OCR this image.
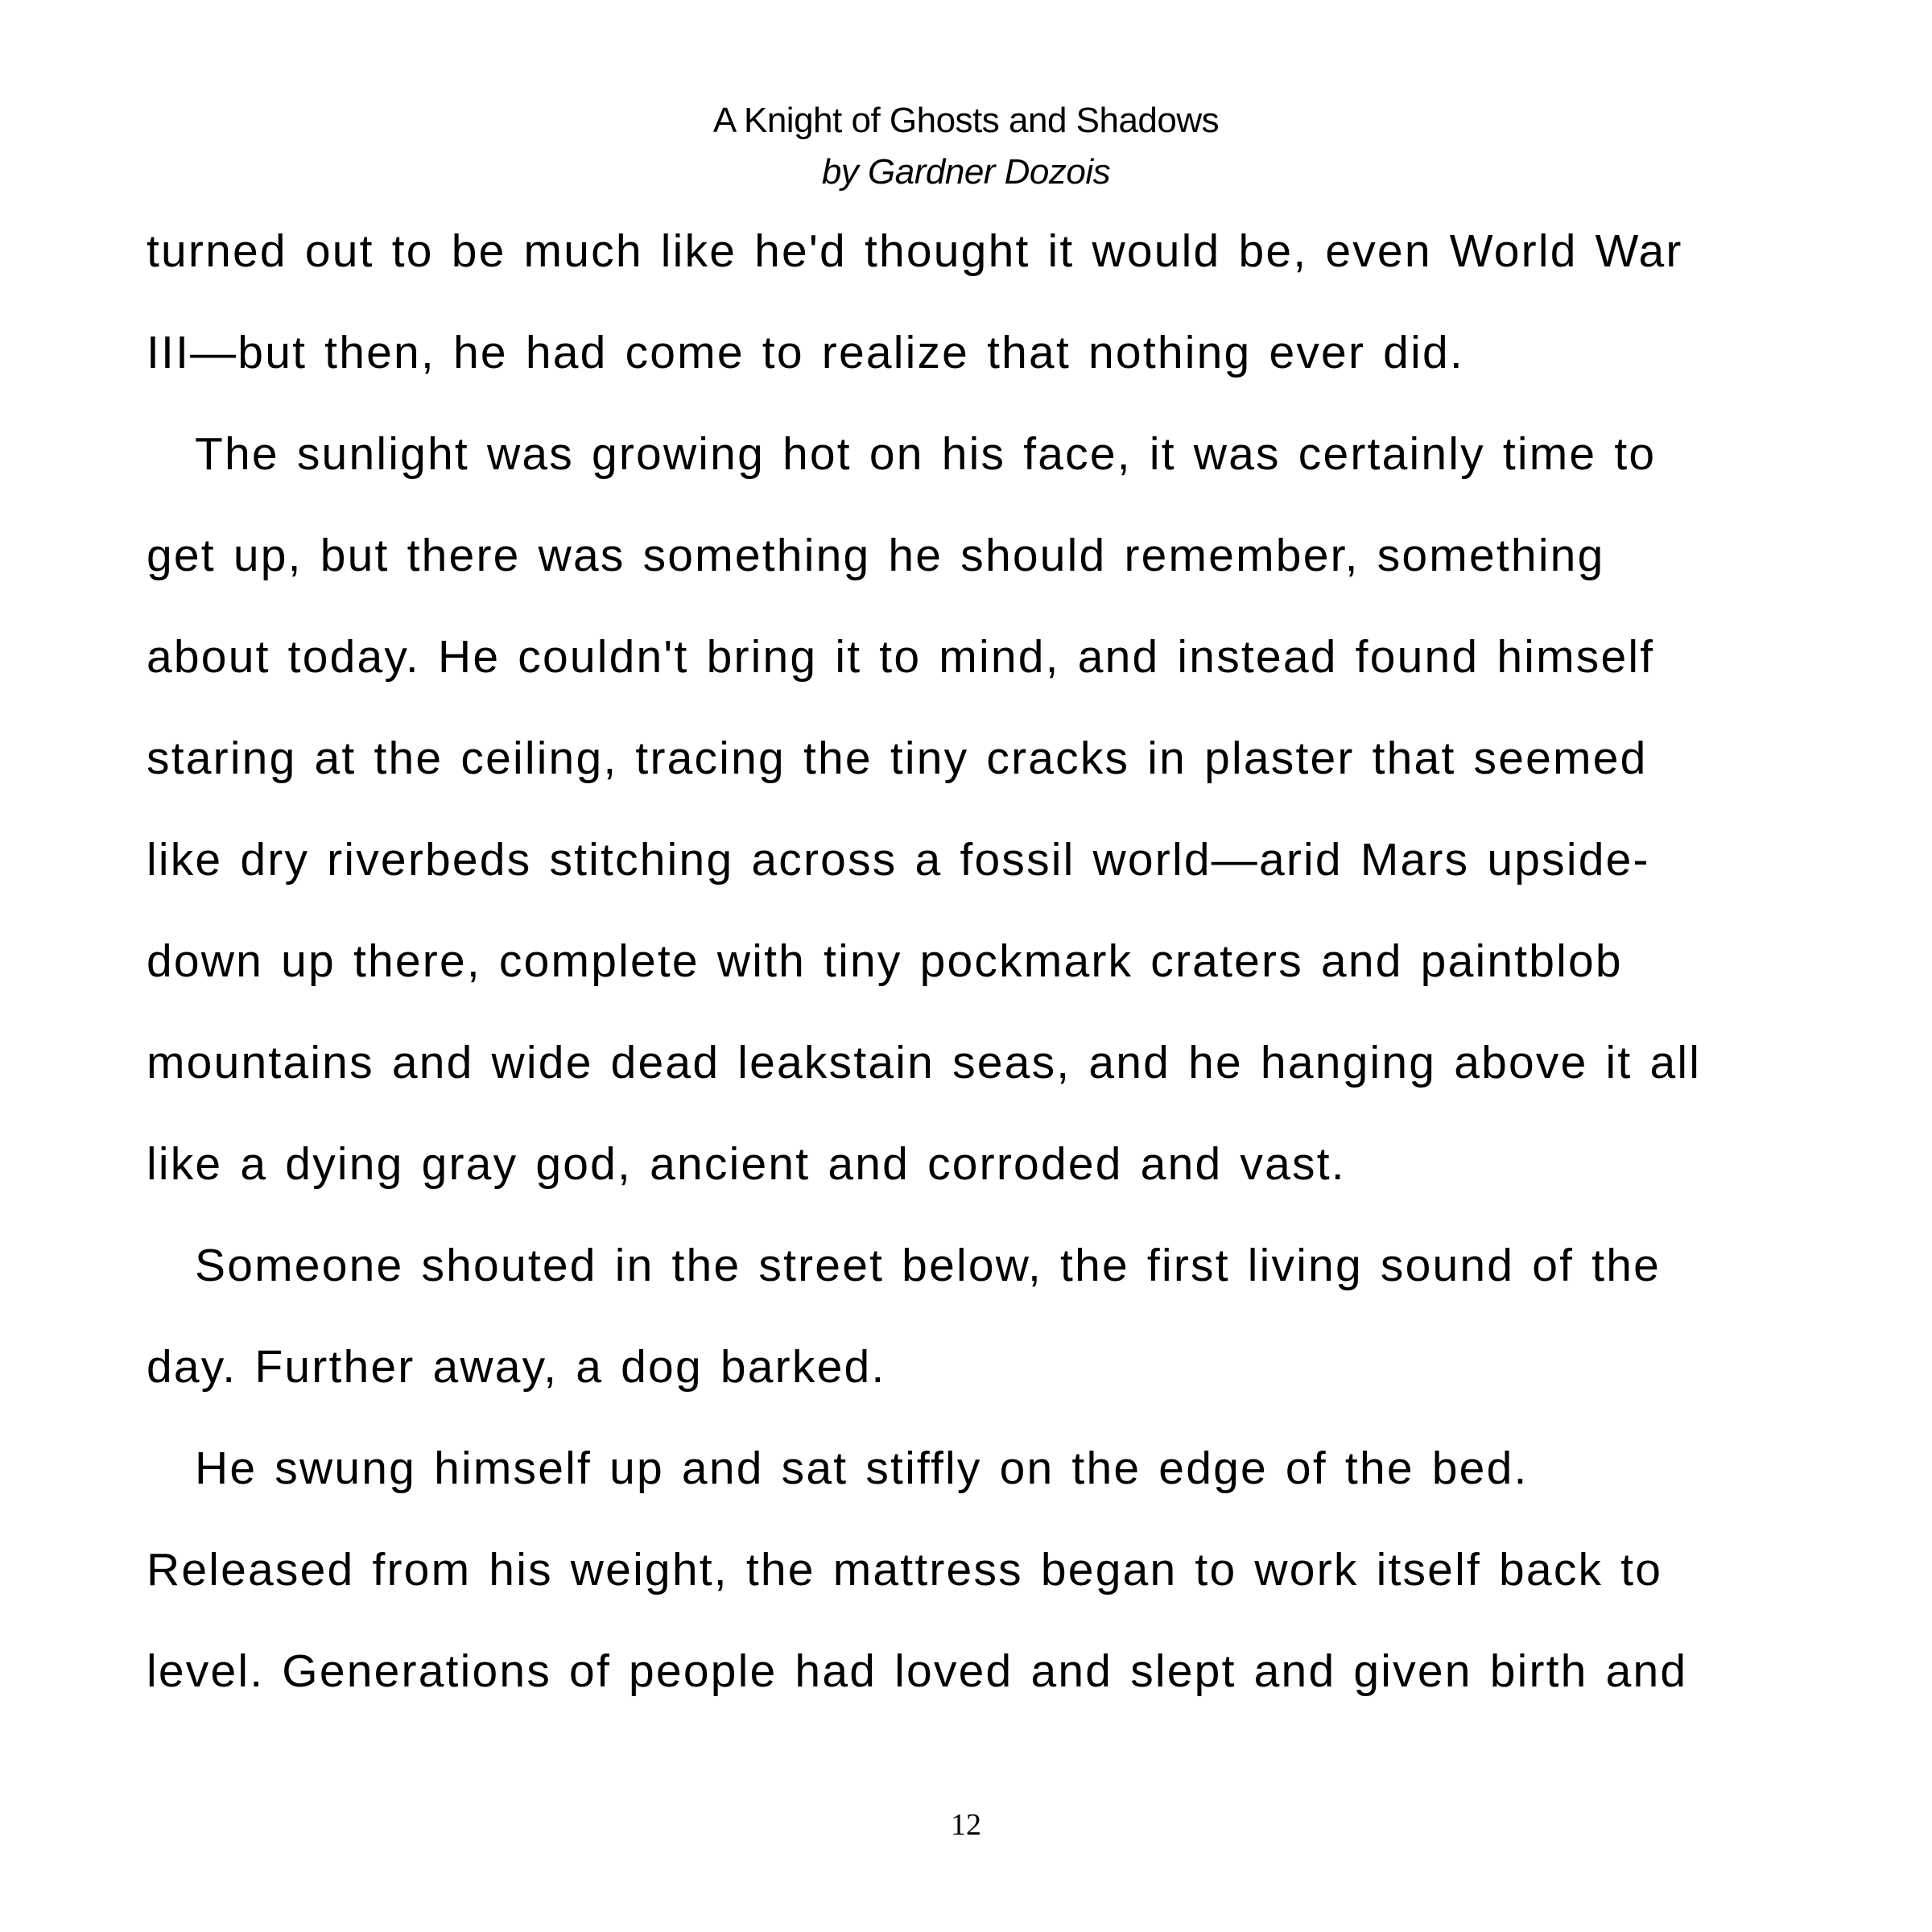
A Knight of Ghosts and Shadows
by Gardner Dozois
turned out to be much like he'd thought it would be, even World War
III—but then, he had come to realize that nothing ever did.
The sunlight was growing hot on his face, it was certainly time to
get up, but there was something he should remember, something
about today. He couldn't bring it to mind, and instead found himself
staring at the ceiling, tracing the tiny cracks in plaster that seemed
like dry riverbeds stitching across a fossil world—arid Mars upside-
down up there, complete with tiny pockmark craters and paintblob
mountains and wide dead leakstain seas, and he hanging above it all
like a dying gray god, ancient and corroded and vast.
Someone shouted in the street below, the first living sound of the
day. Further away, a dog barked.
He swung himself up and sat stiffly on the edge of the bed.
Released from his weight, the mattress began to work itself back to
level. Generations of people had loved and slept and given birth and
12
